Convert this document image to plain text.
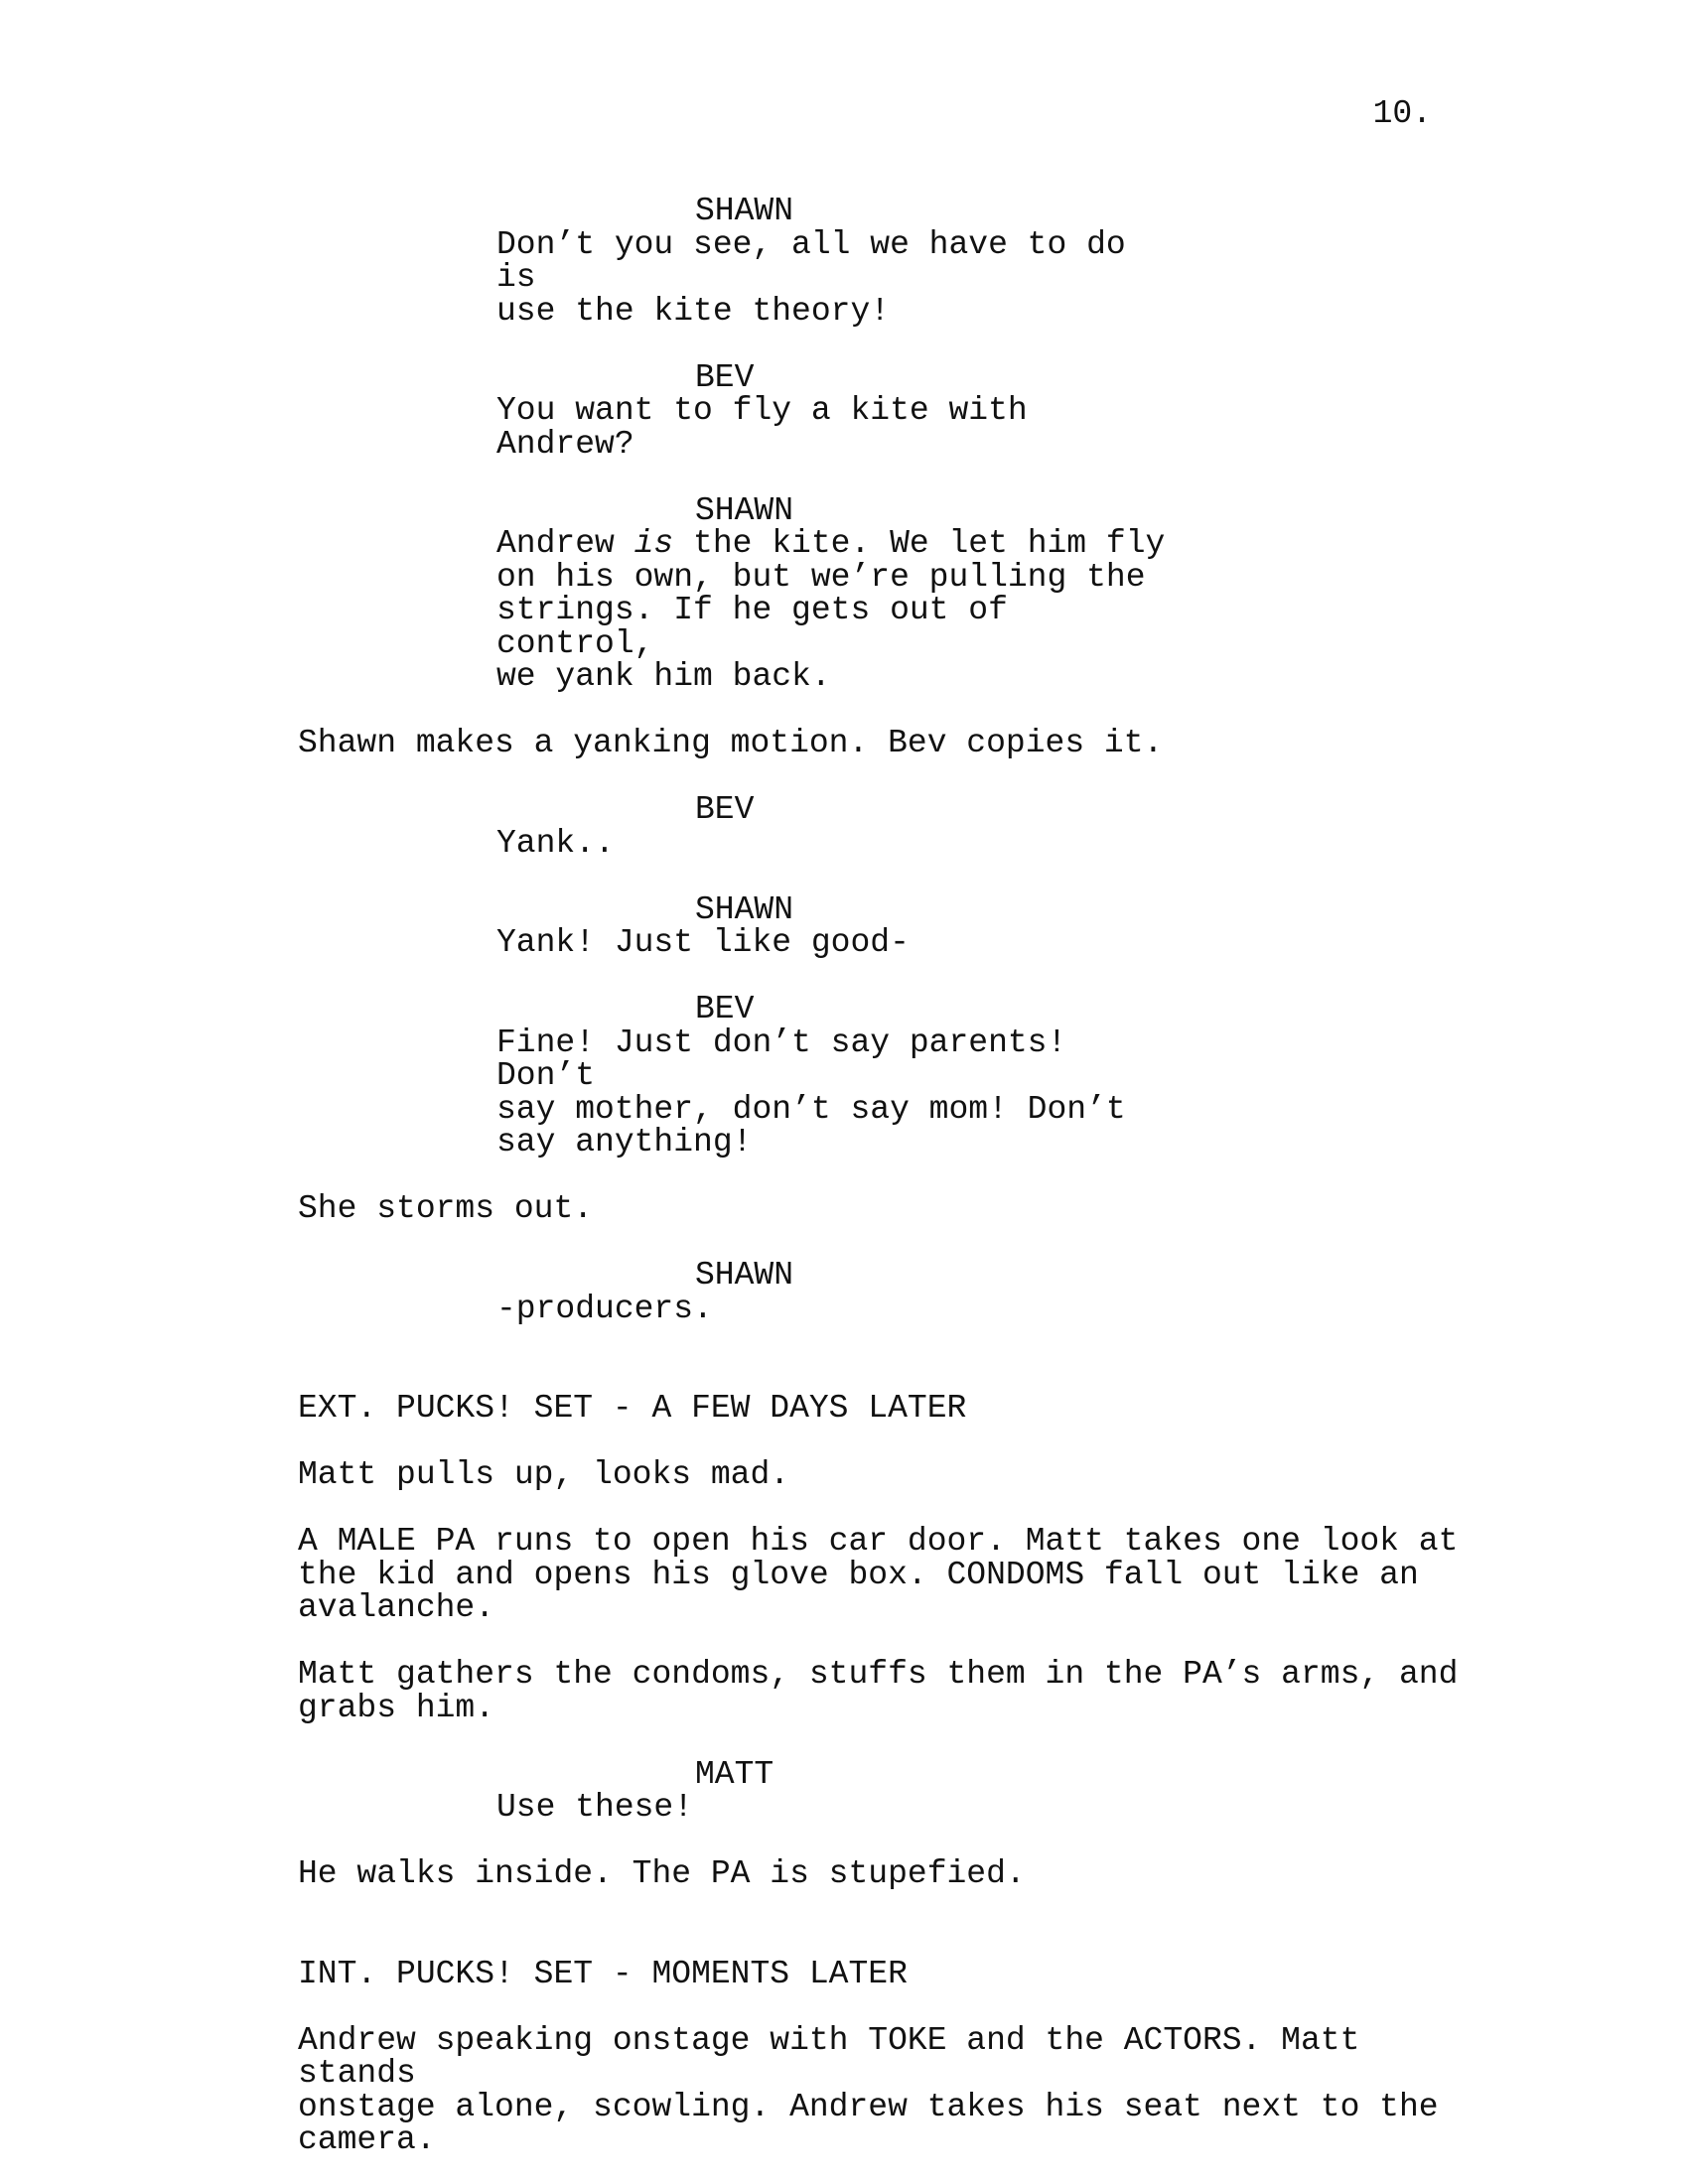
10.
SHAWN
Don’t you see, all we have to do is
use the kite theory!
BEV
You want to fly a kite with Andrew?
SHAWN
Andrew is the kite. We let him fly
on his own, but we’re pulling the
strings. If he gets out of control,
we yank him back.
Shawn makes a yanking motion. Bev copies it.
BEV
Yank..
SHAWN
Yank! Just like good-
BEV
Fine! Just don’t say parents! Don’t
say mother, don’t say mom! Don’t
say anything!
She storms out.
SHAWN
-producers.
EXT. PUCKS! SET - A FEW DAYS LATER
Matt pulls up, looks mad.
A MALE PA runs to open his car door. Matt takes one look at
the kid and opens his glove box. CONDOMS fall out like an
avalanche.
Matt gathers the condoms, stuffs them in the PA’s arms, and
grabs him.
MATT
Use these!
He walks inside. The PA is stupefied.
INT. PUCKS! SET - MOMENTS LATER
Andrew speaking onstage with TOKE and the ACTORS. Matt stands
onstage alone, scowling. Andrew takes his seat next to the
camera.
